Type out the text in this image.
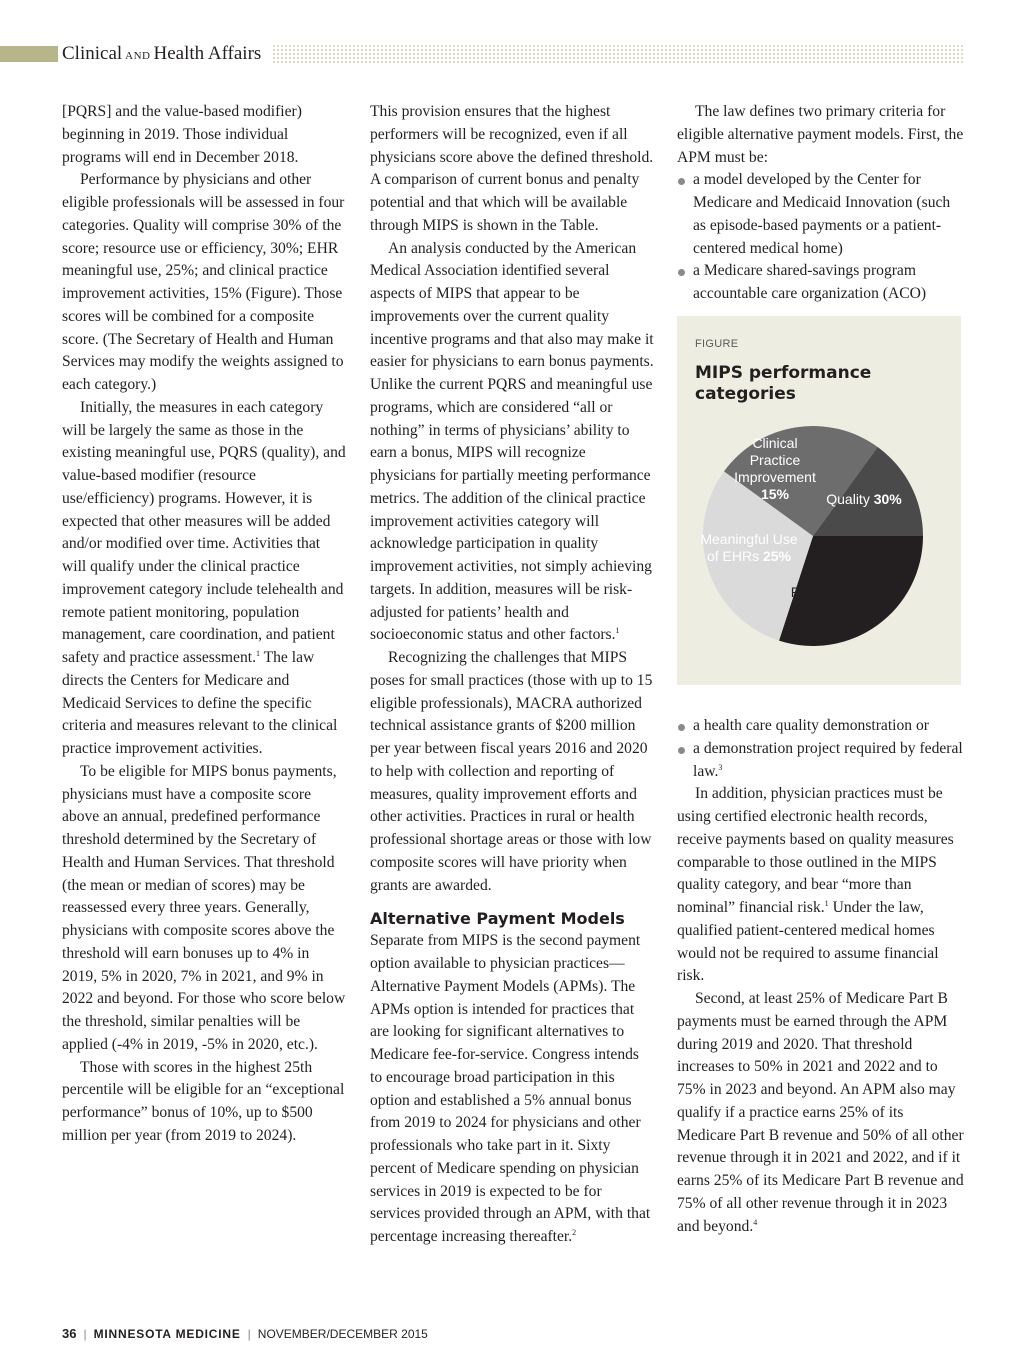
Clinical AND Health Affairs

[PQRS] and the value-based modifier) beginning in 2019. Those individual programs will end in December 2018.

Performance by physicians and other eligible professionals will be assessed in four categories. Quality will comprise 30% of the score; resource use or efficiency, 30%; EHR meaningful use, 25%; and clinical practice improvement activities, 15% (Figure). Those scores will be combined for a composite score. (The Secretary of Health and Human Services may modify the weights assigned to each category.)

Initially, the measures in each category will be largely the same as those in the existing meaningful use, PQRS (quality), and value-based modifier (resource use/efficiency) programs. However, it is expected that other measures will be added and/or modified over time. Activities that will qualify under the clinical practice improvement category include telehealth and remote patient monitoring, population management, care coordination, and patient safety and practice assessment.$^1$ The law directs the Centers for Medicare and Medicaid Services to define the specific criteria and measures relevant to the clinical practice improvement activities.

To be eligible for MIPS bonus payments, physicians must have a composite score above an annual, predefined performance threshold determined by the Secretary of Health and Human Services. That threshold (the mean or median of scores) may be reassessed every three years. Generally, physicians with composite scores above the threshold will earn bonuses up to 4% in 2019, 5% in 2020, 7% in 2021, and 9% in 2022 and beyond. For those who score below the threshold, similar penalties will be applied (-4% in 2019, -5% in 2020, etc.).

Those with scores in the highest 25th percentile will be eligible for an “exceptional performance” bonus of 10%, up to $500 million per year (from 2019 to 2024).

This provision ensures that the highest performers will be recognized, even if all physicians score above the defined threshold. A comparison of current bonus and penalty potential and that which will be available through MIPS is shown in the Table.

An analysis conducted by the American Medical Association identified several aspects of MIPS that appear to be improvements over the current quality incentive programs and that also may make it easier for physicians to earn bonus payments. Unlike the current PQRS and meaningful use programs, which are considered “all or nothing” in terms of physicians’ ability to earn a bonus, MIPS will recognize physicians for partially meeting performance metrics. The addition of the clinical practice improvement activities category will acknowledge participation in quality improvement activities, not simply achieving targets. In addition, measures will be risk-adjusted for patients’ health and socioeconomic status and other factors.$^1$

Recognizing the challenges that MIPS poses for small practices (those with up to 15 eligible professionals), MACRA authorized technical assistance grants of $200 million per year between fiscal years 2016 and 2020 to help with collection and reporting of measures, quality improvement efforts and other activities. Practices in rural or health professional shortage areas or those with low composite scores will have priority when grants are awarded.

Alternative Payment Models

Separate from MIPS is the second payment option available to physician practices—Alternative Payment Models (APMs). The APMs option is intended for practices that are looking for significant alternatives to Medicare fee-for-service. Congress intends to encourage broad participation in this option and established a 5% annual bonus from 2019 to 2024 for physicians and other professionals who take part in it. Sixty percent of Medicare spending on physician services in 2019 is expected to be for services provided through an APM, with that percentage increasing thereafter.$^2$

The law defines two primary criteria for eligible alternative payment models. First, the APM must be:

a model developed by the Center for Medicare and Medicaid Innovation (such as episode-based payments or a patient-centered medical home)
a Medicare shared-savings program accountable care organization (ACO)
FIGURE
MIPS performance categories
Quality 30%
Resource Use/ Efficiency 30%
Meaningful Use of EHRs 25%
Clinical Practice Improvement 15%
a health care quality demonstration or
a demonstration project required by federal law.$^3$

In addition, physician practices must be using certified electronic health records, receive payments based on quality measures comparable to those outlined in the MIPS quality category, and bear “more than nominal” financial risk.$^1$ Under the law, qualified patient-centered medical homes would not be required to assume financial risk.

Second, at least 25% of Medicare Part B payments must be earned through the APM during 2019 and 2020. That threshold increases to 50% in 2021 and 2022 and to 75% in 2023 and beyond. An APM also may qualify if a practice earns 25% of its Medicare Part B revenue and 50% of all other revenue through it in 2021 and 2022, and if it earns 25% of its Medicare Part B revenue and 75% of all other revenue through it in 2023 and beyond.$^4$

36 | MINNESOTA MEDICINE | NOVEMBER/DECEMBER 2015
